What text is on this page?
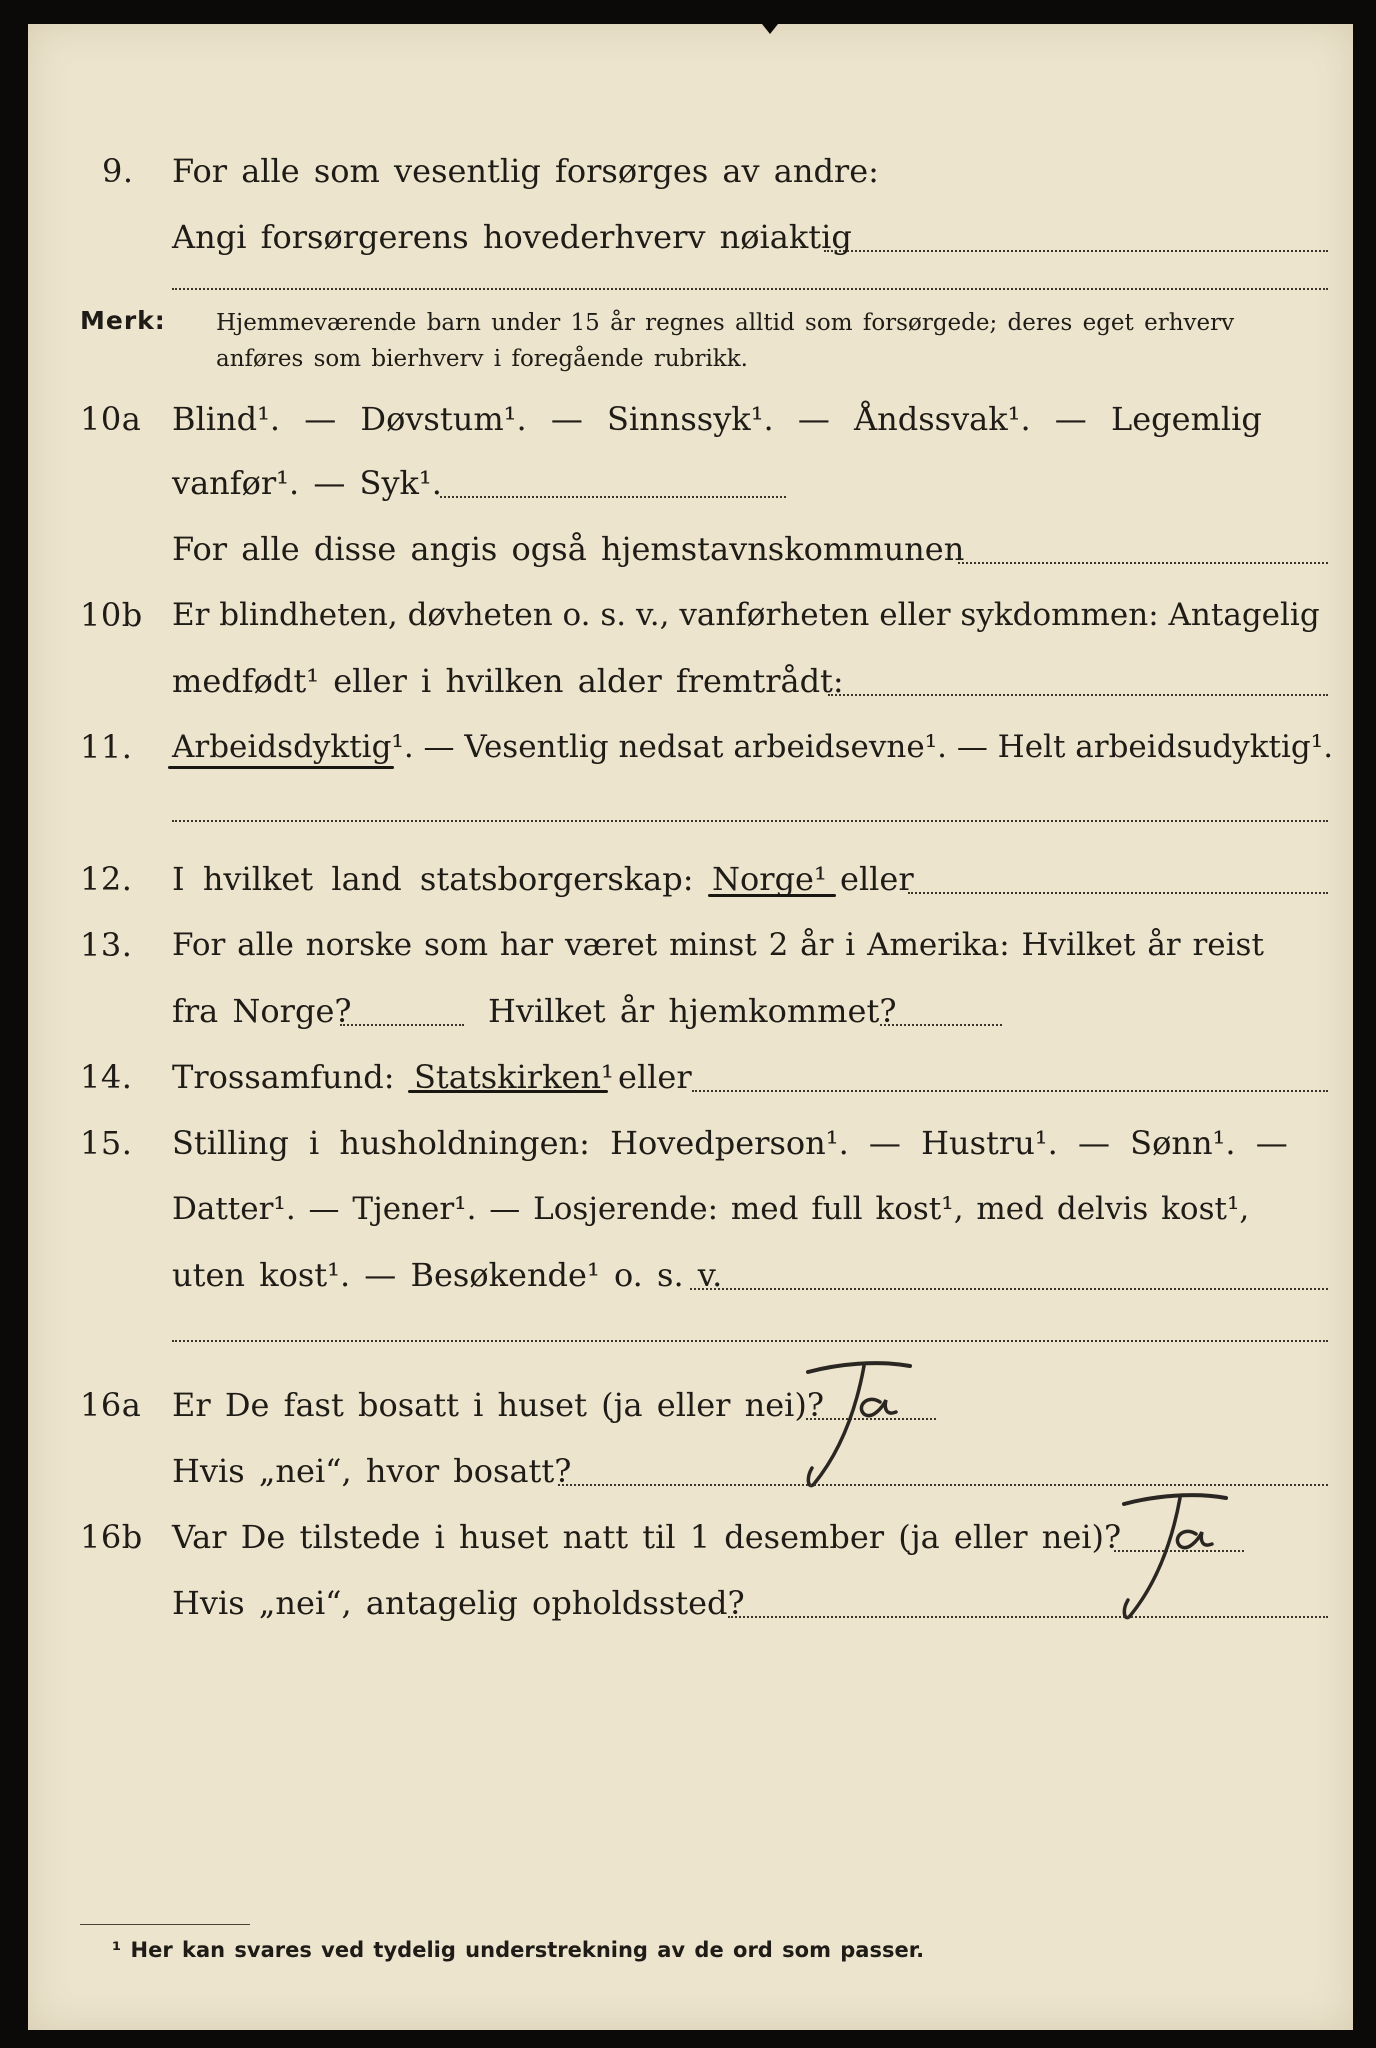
9. For alle som vesentlig forsørges av andre:
Angi forsørgerens hovederhverv nøiaktig
Merk: Hjemmeværende barn under 15 år regnes alltid som forsørgede; deres eget erhverv
anføres som bierhverv i foregående rubrikk.
10a Blind¹. — Døvstum¹. — Sinnssyk¹. — Åndssvak¹. — Legemlig
vanfør¹. — Syk¹.
For alle disse angis også hjemstavnskommunen
10b Er blindheten, døvheten o. s. v., vanførheten eller sykdommen: Antagelig
medfødt¹ eller i hvilken alder fremtrådt:
11. Arbeidsdyktig¹. — Vesentlig nedsat arbeidsevne¹. — Helt arbeidsudyktig¹.
12. I hvilket land statsborgerskap: Norge¹ eller
13. For alle norske som har været minst 2 år i Amerika: Hvilket år reist
fra Norge?	Hvilket år hjemkommet?
14. Trossamfund: Statskirken¹ eller
15. Stilling i husholdningen: Hovedperson¹. — Hustru¹. — Sønn¹. —
Datter¹. — Tjener¹. — Losjerende: med full kost¹, med delvis kost¹,
uten kost¹. — Besøkende¹ o. s. v.
16a Er De fast bosatt i huset (ja eller nei)?
Ja
Hvis „nei“, hvor bosatt?
16b Var De tilstede i huset natt til 1 desember (ja eller nei)?
Ja
Hvis „nei“, antagelig opholdssted?
¹ Her kan svares ved tydelig understrekning av de ord som passer.
